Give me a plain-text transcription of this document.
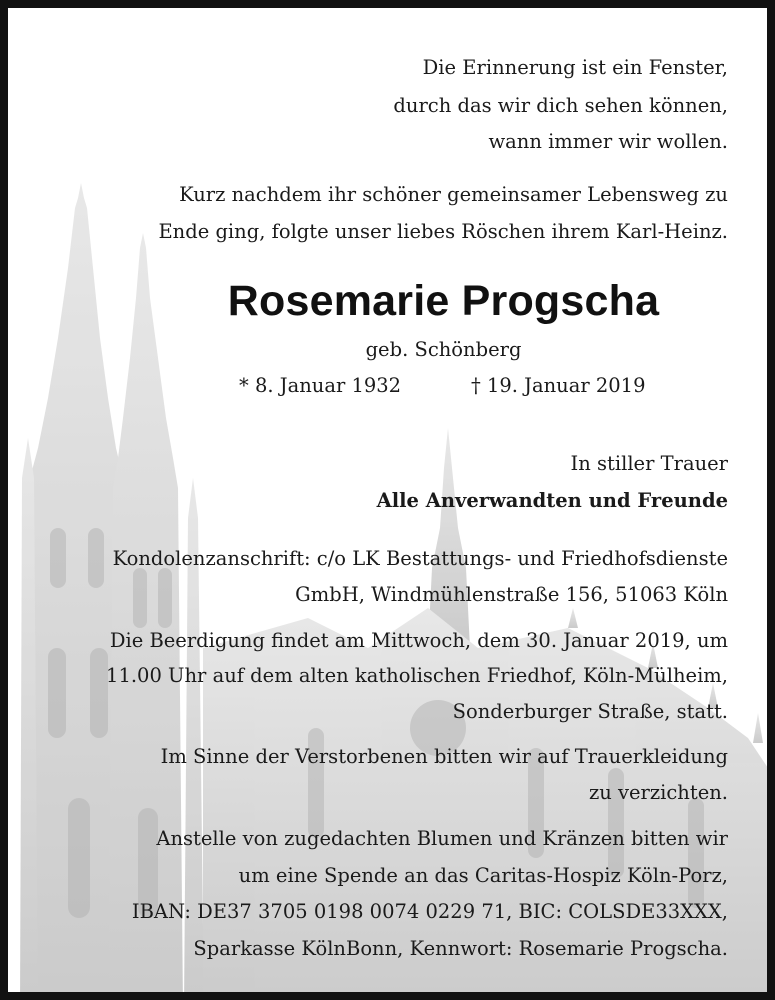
Die Erinnerung ist ein Fenster,
durch das wir dich sehen können,
wann immer wir wollen.
Kurz nachdem ihr schöner gemeinsamer Lebensweg zu
Ende ging, folgte unser liebes Röschen ihrem Karl-Heinz.
Rosemarie Progscha
geb. Schönberg
* 8. Januar 1932	† 19. Januar 2019
In stiller Trauer
Alle Anverwandten und Freunde
Kondolenzanschrift: c/o LK Bestattungs- und Friedhofsdienste
GmbH, Windmühlenstraße 156, 51063 Köln
Die Beerdigung findet am Mittwoch, dem 30. Januar 2019, um
11.00 Uhr auf dem alten katholischen Friedhof, Köln-Mülheim,
Sonderburger Straße, statt.
Im Sinne der Verstorbenen bitten wir auf Trauerkleidung
zu verzichten.
Anstelle von zugedachten Blumen und Kränzen bitten wir
um eine Spende an das Caritas-Hospiz Köln-Porz,
IBAN: DE37 3705 0198 0074 0229 71, BIC: COLSDE33XXX,
Sparkasse KölnBonn, Kennwort: Rosemarie Progscha.
